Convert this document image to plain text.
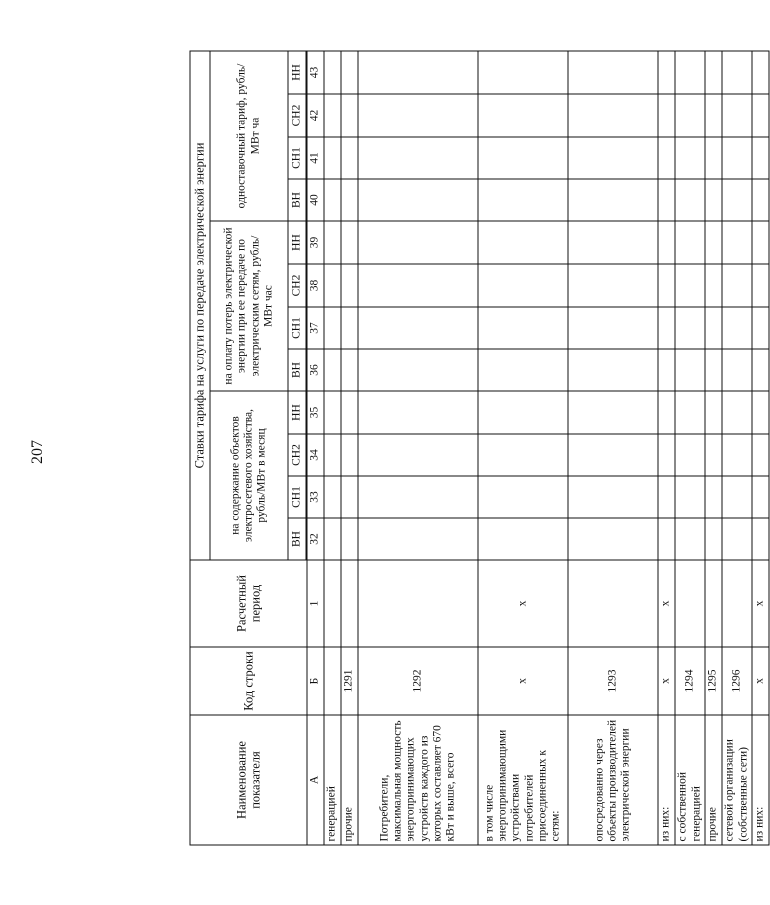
207
Наименование показателя	Код строки	Расчетный период	Ставки тарифа на услуги по передаче электрической энергии											
			на содержание объектов электросетевого хозяйства, рубль/МВт в месяц				на оплату потерь электрической энергии при ее передаче по электрическим сетям, рубль/МВт час				одноставочный тариф, рубль/МВт ча			
			ВН	СН1	СН2	НН	ВН	СН1	СН2	НН	ВН	СН1	СН2	НН

А	Б	1	32	33	34	35	36	37	38	39	40	41	42	43
генерацией														
прочие	1291													
Потребители, максимальная мощность энергопринимающих устройств каждого из которых составляет 670 кВт и выше, всего	1292													
в том числе энергопринимающими устройствами потребителей присоединенных к сетям:	х	х												
опосредованно через объекты производителей электрической энергии	1293													
из них:	х	х												
с собственной генерацией	1294													
прочие	1295													
сетевой организации (собственные сети)	1296													
из них:	х	х												
